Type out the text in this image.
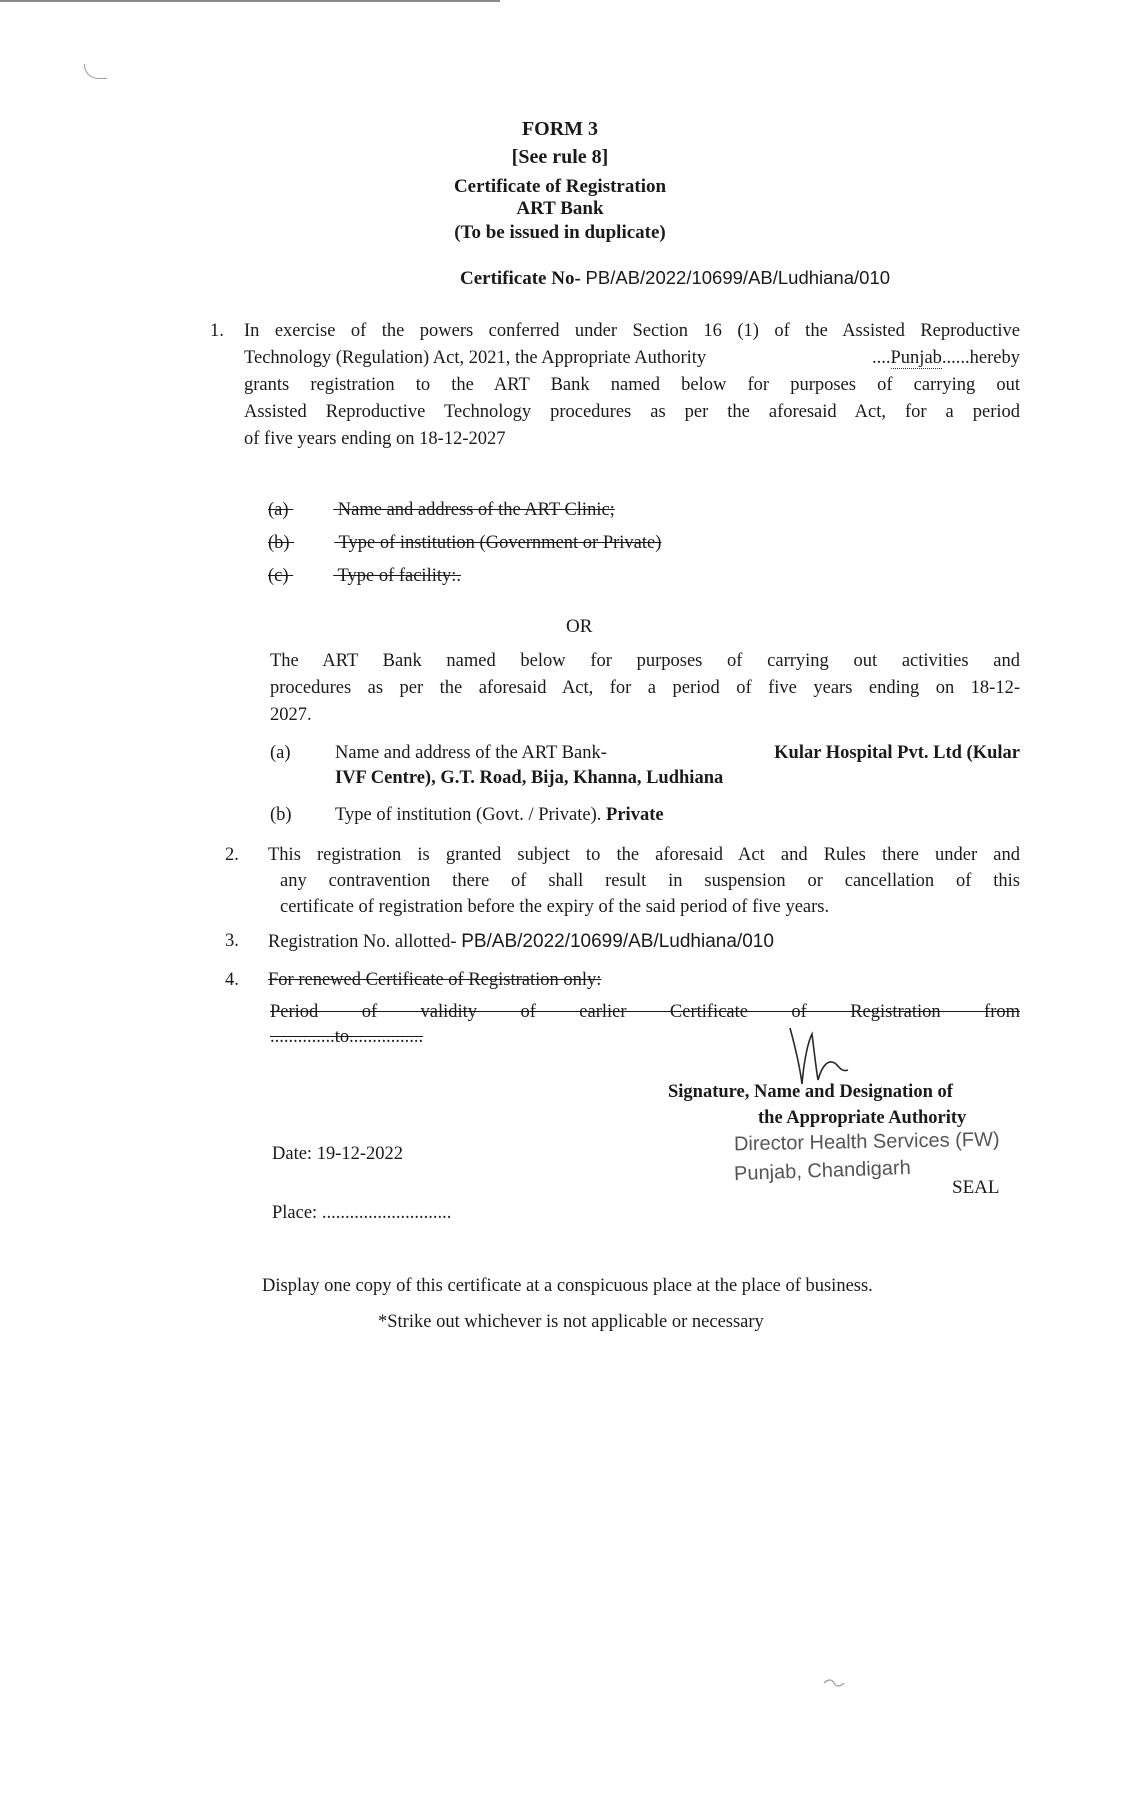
FORM 3
[See rule 8]
Certificate of Registration
ART Bank
(To be issued in duplicate)
Certificate No- PB/AB/2022/10699/AB/Ludhiana/010
1. In exercise of the powers conferred under Section 16 (1) of the Assisted Reproductive
Technology (Regulation) Act, 2021, the Appropriate Authority	....Punjab...... hereby
grants registration to the ART Bank named below for purposes of carrying out
Assisted Reproductive Technology procedures as per the aforesaid Act, for a period
of five years ending on 18-12-2027
(a)	Name and address of the ART Clinic;
(b)	Type of institution (Government or Private)
(c)	Type of facility:.
OR
The ART Bank named below for purposes of carrying out activities and
procedures as per the aforesaid Act, for a period of five years ending on 18-12-
2027.
(a) Name and address of the ART Bank-	Kular Hospital Pvt. Ltd (Kular
IVF Centre), G.T. Road, Bija, Khanna, Ludhiana
(b) Type of institution (Govt. / Private). Private
2. This registration is granted subject to the aforesaid Act and Rules there under and
any contravention there of shall result in suspension or cancellation of this
certificate of registration before the expiry of the said period of five years.
3. Registration No. allotted- PB/AB/2022/10699/AB/Ludhiana/010
4. For renewed Certificate of Registration only:
Period of validity of earlier Certificate of Registration from
..............to................
Signature, Name and Designation of
the Appropriate Authority
Director Health Services (FW)
Punjab, Chandigarh
SEAL
Date: 19-12-2022
Place: ............................
Display one copy of this certificate at a conspicuous place at the place of business.
*Strike out whichever is not applicable or necessary
